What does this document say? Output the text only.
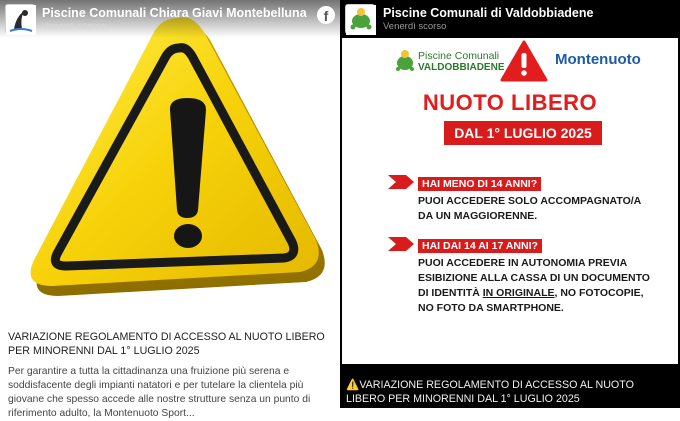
Piscine Comunali Chiara Giavi Montebelluna
Venerdì scorso
f
VARIAZIONE REGOLAMENTO DI ACCESSO AL NUOTO LIBERO PER MINORENNI DAL 1° LUGLIO 2025
Per garantire a tutta la cittadinanza una fruizione più serena e soddisfacente degli impianti natatori e per tutelare la clientela più giovane che spesso accede alle nostre strutture senza un punto di riferimento adulto, la Montenuoto Sport...
Piscine Comunali di Valdobbiadene
Venerdì scorso
Piscine Comunali
VALDOBBIADENE	Montenuoto
NUOTO LIBERO
DAL 1° LUGLIO 2025
HAI MENO DI 14 ANNI?
PUOI ACCEDERE SOLO ACCOMPAGNATO/A
DA UN MAGGIORENNE.
HAI DAI 14 AI 17 ANNI?
PUOI ACCEDERE IN AUTONOMIA PREVIA
ESIBIZIONE ALLA CASSA DI UN DOCUMENTO
DI IDENTITÀ IN ORIGINALE, NO FOTOCOPIE,
NO FOTO DA SMARTPHONE.
⚠️VARIAZIONE REGOLAMENTO DI ACCESSO AL NUOTO LIBERO PER MINORENNI DAL 1° LUGLIO 2025
